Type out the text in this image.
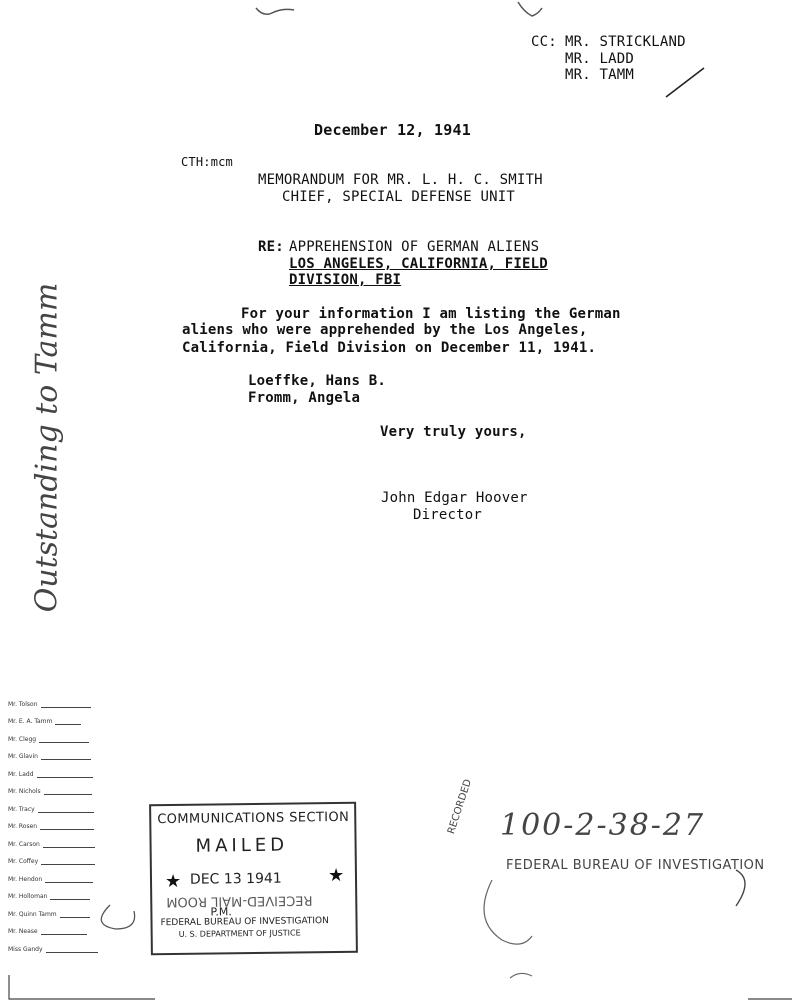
CC: MR. STRICKLAND
MR. LADD
MR. TAMM
★	★
December 12, 1941
CTH:mcm
MEMORANDUM FOR MR. L. H. C. SMITH
CHIEF, SPECIAL DEFENSE UNIT
RE: APPREHENSION OF GERMAN ALIENS
LOS ANGELES, CALIFORNIA, FIELD
DIVISION, FBI
For your information I am listing the German
aliens who were apprehended by the Los Angeles,
California, Field Division on December 11, 1941.
Loeffke, Hans B.
Fromm, Angela
Very truly yours,
John Edgar Hoover
Director
Outstanding to Tamm
Mr. Tolson
Mr. E. A. Tamm
Mr. Clegg
Mr. Glavin
Mr. Ladd
Mr. Nichols
Mr. Tracy
Mr. Rosen
Mr. Carson
Mr. Coffey
Mr. Hendon
Mr. Holloman
Mr. Quinn Tamm
Mr. Nease
Miss Gandy
COMMUNICATIONS SECTION
MAILED
DEC 13 1941
RECEIVED-MAIL ROOM
P.M.
FEDERAL BUREAU OF INVESTIGATION
U. S. DEPARTMENT OF JUSTICE
RECORDED 100-2-38-27
FEDERAL BUREAU OF INVESTIGATION
